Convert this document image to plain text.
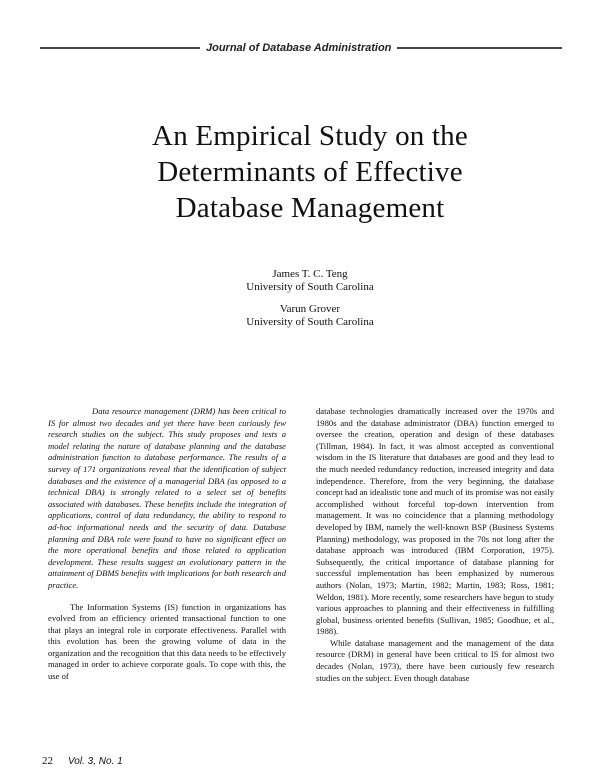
Journal of Database Administration
An Empirical Study on the
Determinants of Effective
Database Management
James T. C. Teng
University of South Carolina
Varun Grover
University of South Carolina

Data resource management (DRM) has been critical to IS for almost two decades and yet there have been curiously few research studies on the subject. This study proposes and tests a model relating the nature of database planning and the database administration function to database performance. The results of a survey of 171 organizations reveal that the identification of subject databases and the existence of a managerial DBA (as opposed to a technical DBA) is strongly related to a select set of benefits associated with databases. These benefits include the integration of applications, control of data redundancy, the ability to respond to ad-hoc informational needs and the security of data. Database planning and DBA role were found to have no significant effect on the more operational benefits and those related to application development. These results suggest an evolutionary pattern in the attainment of DBMS benefits with implications for both research and practice.

The Information Systems (IS) function in organizations has evolved from an efficiency oriented transactional function to one that plays an integral role in corporate effectiveness. Parallel with this evolution has been the growing volume of data in the organization and the recognition that this data needs to be effectively managed in order to achieve corporate goals. To cope with this, the use of

database technologies dramatically increased over the 1970s and 1980s and the database administrator (DBA) function emerged to oversee the creation, operation and design of these databases (Tillman, 1984). In fact, it was almost accepted as conventional wisdom in the IS literature that databases are good and they lead to the much needed redundancy reduction, increased integrity and data independence. Therefore, from the very beginning, the database concept had an idealistic tone and much of its promise was not easily accomplished without forceful top-down intervention from management. It was no coincidence that a planning methodology developed by IBM, namely the well-known BSP (Business Systems Planning) methodology, was proposed in the 70s not long after the database approach was introduced (IBM Corporation, 1975). Subsequently, the critical importance of database planning for successful implementation has been emphasized by numerous authors (Nolan, 1973; Martin, 1982; Martin, 1983; Ross, 1981; Weldon, 1981). More recently, some researchers have begun to study various approaches to planning and their effectiveness in fulfilling global, business oriented benefits (Sullivan, 1985; Goodhue, et al., 1988).

While database management and the management of the data resource (DRM) in general have been critical to IS for almost two decades (Nolan, 1973), there have been curiously few research studies on the subject. Even though database

22 Vol. 3, No. 1
